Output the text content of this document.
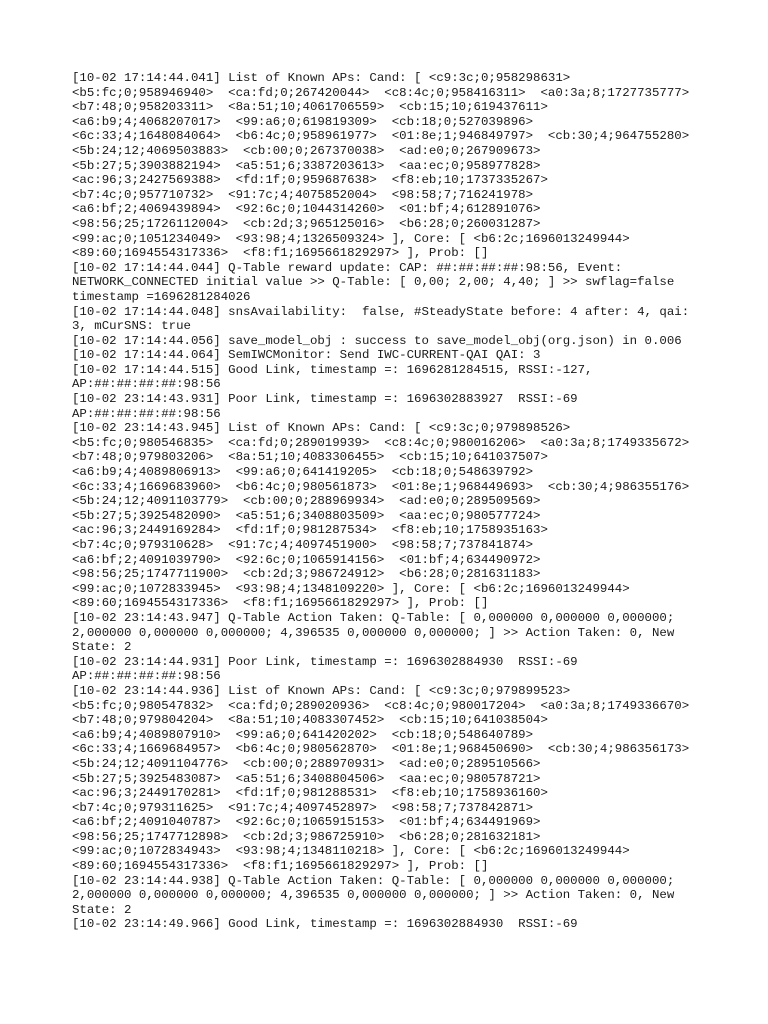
[10-02 17:14:44.041] List of Known APs: Cand: [ <c9:3c;0;958298631>
<b5:fc;0;958946940>  <ca:fd;0;267420044>  <c8:4c;0;958416311>  <a0:3a;8;1727735777>
<b7:48;0;958203311>  <8a:51;10;4061706559>  <cb:15;10;619437611>
<a6:b9;4;4068207017>  <99:a6;0;619819309>  <cb:18;0;527039896>
<6c:33;4;1648084064>  <b6:4c;0;958961977>  <01:8e;1;946849797>  <cb:30;4;964755280>
<5b:24;12;4069503883>  <cb:00;0;267370038>  <ad:e0;0;267909673>
<5b:27;5;3903882194>  <a5:51;6;3387203613>  <aa:ec;0;958977828>
<ac:96;3;2427569388>  <fd:1f;0;959687638>  <f8:eb;10;1737335267>
<b7:4c;0;957710732>  <91:7c;4;4075852004>  <98:58;7;716241978>
<a6:bf;2;4069439894>  <92:6c;0;1044314260>  <01:bf;4;612891076>
<98:56;25;1726112004>  <cb:2d;3;965125016>  <b6:28;0;260031287>
<99:ac;0;1051234049>  <93:98;4;1326509324> ], Core: [ <b6:2c;1696013249944>
<89:60;1694554317336>  <f8:f1;1695661829297> ], Prob: []
[10-02 17:14:44.044] Q-Table reward update: CAP: ##:##:##:##:98:56, Event:
NETWORK_CONNECTED initial value >> Q-Table: [ 0,00; 2,00; 4,40; ] >> swflag=false
timestamp =1696281284026
[10-02 17:14:44.048] snsAvailability:  false, #SteadyState before: 4 after: 4, qai:
3, mCurSNS: true
[10-02 17:14:44.056] save_model_obj : success to save_model_obj(org.json) in 0.006
[10-02 17:14:44.064] SemIWCMonitor: Send IWC-CURRENT-QAI QAI: 3
[10-02 17:14:44.515] Good Link, timestamp =: 1696281284515, RSSI:-127,
AP:##:##:##:##:98:56
[10-02 23:14:43.931] Poor Link, timestamp =: 1696302883927  RSSI:-69
AP:##:##:##:##:98:56
[10-02 23:14:43.945] List of Known APs: Cand: [ <c9:3c;0;979898526>
<b5:fc;0;980546835>  <ca:fd;0;289019939>  <c8:4c;0;980016206>  <a0:3a;8;1749335672>
<b7:48;0;979803206>  <8a:51;10;4083306455>  <cb:15;10;641037507>
<a6:b9;4;4089806913>  <99:a6;0;641419205>  <cb:18;0;548639792>
<6c:33;4;1669683960>  <b6:4c;0;980561873>  <01:8e;1;968449693>  <cb:30;4;986355176>
<5b:24;12;4091103779>  <cb:00;0;288969934>  <ad:e0;0;289509569>
<5b:27;5;3925482090>  <a5:51;6;3408803509>  <aa:ec;0;980577724>
<ac:96;3;2449169284>  <fd:1f;0;981287534>  <f8:eb;10;1758935163>
<b7:4c;0;979310628>  <91:7c;4;4097451900>  <98:58;7;737841874>
<a6:bf;2;4091039790>  <92:6c;0;1065914156>  <01:bf;4;634490972>
<98:56;25;1747711900>  <cb:2d;3;986724912>  <b6:28;0;281631183>
<99:ac;0;1072833945>  <93:98;4;1348109220> ], Core: [ <b6:2c;1696013249944>
<89:60;1694554317336>  <f8:f1;1695661829297> ], Prob: []
[10-02 23:14:43.947] Q-Table Action Taken: Q-Table: [ 0,000000 0,000000 0,000000;
2,000000 0,000000 0,000000; 4,396535 0,000000 0,000000; ] >> Action Taken: 0, New
State: 2
[10-02 23:14:44.931] Poor Link, timestamp =: 1696302884930  RSSI:-69
AP:##:##:##:##:98:56
[10-02 23:14:44.936] List of Known APs: Cand: [ <c9:3c;0;979899523>
<b5:fc;0;980547832>  <ca:fd;0;289020936>  <c8:4c;0;980017204>  <a0:3a;8;1749336670>
<b7:48;0;979804204>  <8a:51;10;4083307452>  <cb:15;10;641038504>
<a6:b9;4;4089807910>  <99:a6;0;641420202>  <cb:18;0;548640789>
<6c:33;4;1669684957>  <b6:4c;0;980562870>  <01:8e;1;968450690>  <cb:30;4;986356173>
<5b:24;12;4091104776>  <cb:00;0;288970931>  <ad:e0;0;289510566>
<5b:27;5;3925483087>  <a5:51;6;3408804506>  <aa:ec;0;980578721>
<ac:96;3;2449170281>  <fd:1f;0;981288531>  <f8:eb;10;1758936160>
<b7:4c;0;979311625>  <91:7c;4;4097452897>  <98:58;7;737842871>
<a6:bf;2;4091040787>  <92:6c;0;1065915153>  <01:bf;4;634491969>
<98:56;25;1747712898>  <cb:2d;3;986725910>  <b6:28;0;281632181>
<99:ac;0;1072834943>  <93:98;4;1348110218> ], Core: [ <b6:2c;1696013249944>
<89:60;1694554317336>  <f8:f1;1695661829297> ], Prob: []
[10-02 23:14:44.938] Q-Table Action Taken: Q-Table: [ 0,000000 0,000000 0,000000;
2,000000 0,000000 0,000000; 4,396535 0,000000 0,000000; ] >> Action Taken: 0, New
State: 2
[10-02 23:14:49.966] Good Link, timestamp =: 1696302884930  RSSI:-69
